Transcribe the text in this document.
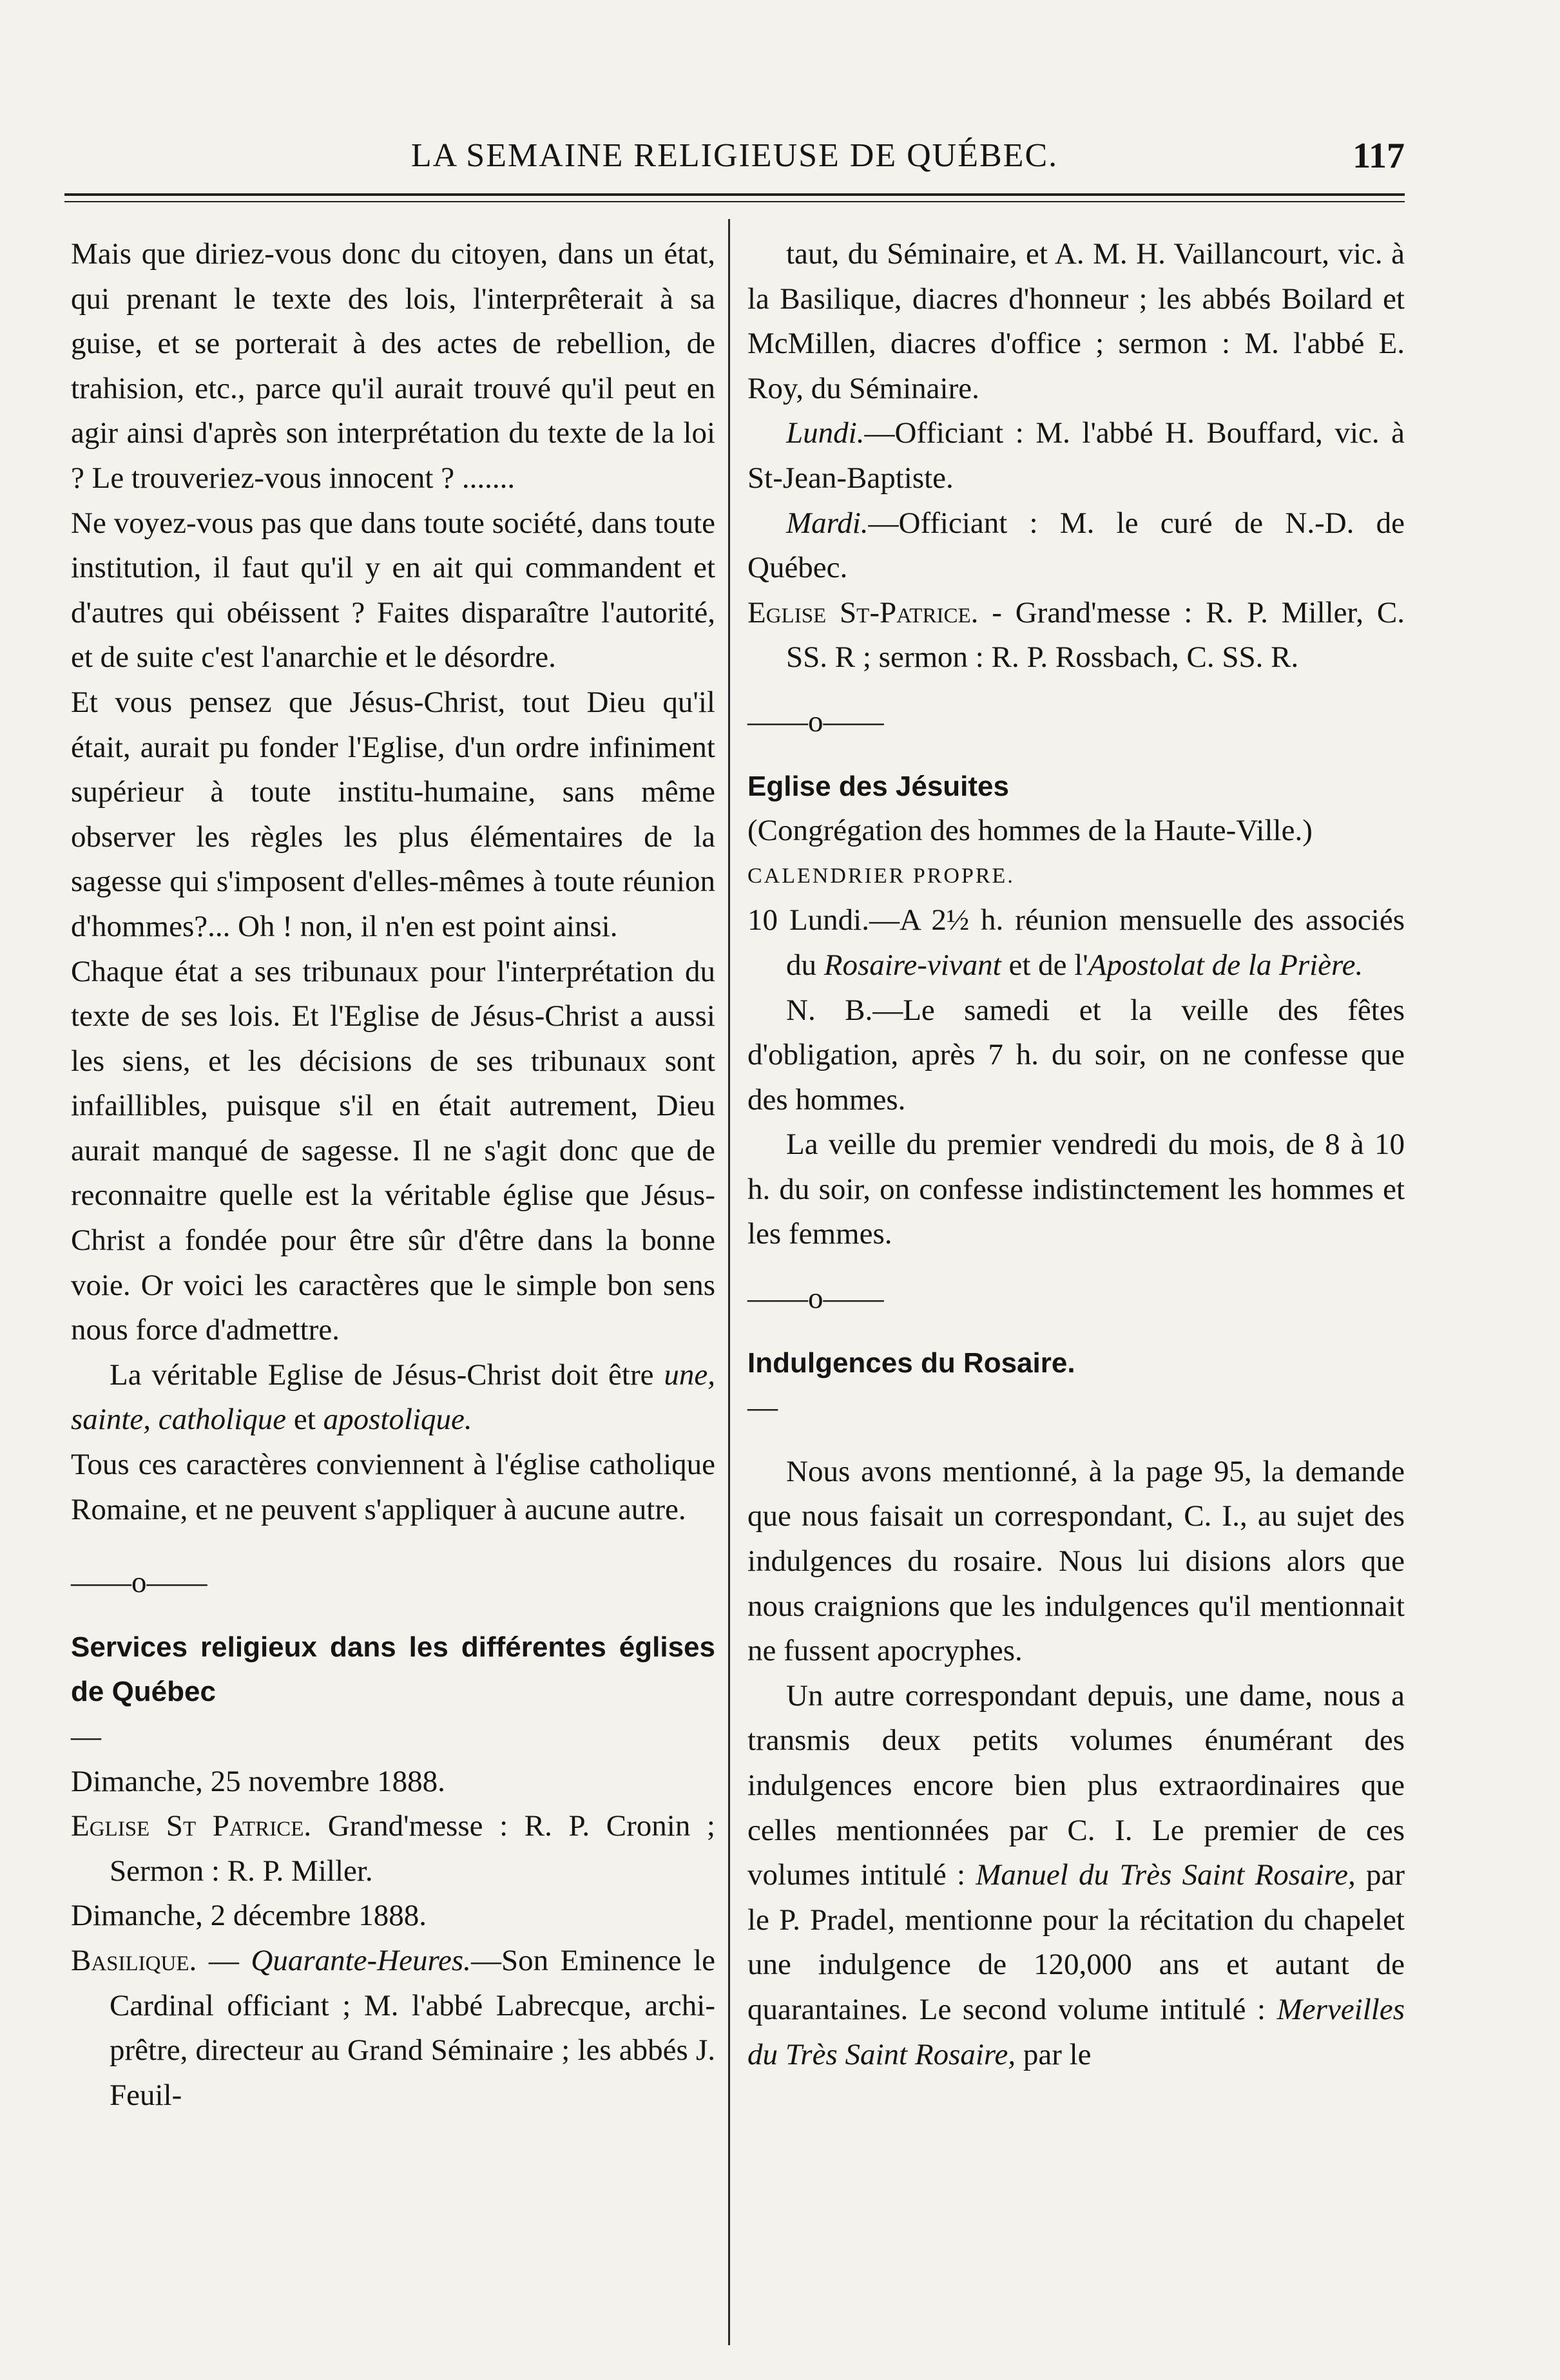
LA SEMAINE RELIGIEUSE DE QUÉBEC.	117

Mais que diriez-vous donc du citoyen, dans un état, qui prenant le texte des lois, l'interprêterait à sa guise, et se porterait à des actes de rebellion, de trahision, etc., parce qu'il aurait trouvé qu'il peut en agir ainsi d'après son interprétation du texte de la loi ? Le trouveriez-vous innocent ? .......

Ne voyez-vous pas que dans toute société, dans toute institution, il faut qu'il y en ait qui commandent et d'autres qui obéissent ? Faites disparaître l'autorité, et de suite c'est l'anarchie et le désordre.

Et vous pensez que Jésus-Christ, tout Dieu qu'il était, aurait pu fonder l'Eglise, d'un ordre infiniment supérieur à toute institu-humaine, sans même observer les règles les plus élémentaires de la sagesse qui s'imposent d'elles-mêmes à toute réunion d'hommes?... Oh ! non, il n'en est point ainsi.

Chaque état a ses tribunaux pour l'interprétation du texte de ses lois. Et l'Eglise de Jésus-Christ a aussi les siens, et les décisions de ses tribunaux sont infaillibles, puisque s'il en était autrement, Dieu aurait manqué de sagesse. Il ne s'agit donc que de reconnaitre quelle est la véritable église que Jésus-Christ a fondée pour être sûr d'être dans la bonne voie. Or voici les caractères que le simple bon sens nous force d'admettre.

La véritable Eglise de Jésus-Christ doit être une, sainte, catholique et apostolique.

Tous ces caractères conviennent à l'église catholique Romaine, et ne peuvent s'appliquer à aucune autre.

——o——

Services religieux dans les différentes églises de Québec

—

Dimanche, 25 novembre 1888.

Eglise St Patrice. Grand'messe : R. P. Cronin ; Sermon : R. P. Miller.

Dimanche, 2 décembre 1888.

Basilique. — Quarante-Heures.—Son Eminence le Cardinal officiant ; M. l'abbé Labrecque, archi-prêtre, directeur au Grand Séminaire ; les abbés J. Feuil-

taut, du Séminaire, et A. M. H. Vaillancourt, vic. à la Basilique, diacres d'honneur ; les abbés Boilard et McMillen, diacres d'office ; sermon : M. l'abbé E. Roy, du Séminaire.

Lundi.—Officiant : M. l'abbé H. Bouffard, vic. à St-Jean-Baptiste.

Mardi.—Officiant : M. le curé de N.-D. de Québec.

Eglise St-Patrice. - Grand'messe : R. P. Miller, C. SS. R ; sermon : R. P. Rossbach, C. SS. R.

——o——

Eglise des Jésuites

(Congrégation des hommes de la Haute-Ville.)

CALENDRIER PROPRE.

10 Lundi.—A 2½ h. réunion mensuelle des associés du Rosaire-vivant et de l'Apostolat de la Prière.

N. B.—Le samedi et la veille des fêtes d'obligation, après 7 h. du soir, on ne confesse que des hommes.

La veille du premier vendredi du mois, de 8 à 10 h. du soir, on confesse indistinctement les hommes et les femmes.

——o——

Indulgences du Rosaire.

—

Nous avons mentionné, à la page 95, la demande que nous faisait un correspondant, C. I., au sujet des indulgences du rosaire. Nous lui disions alors que nous craignions que les indulgences qu'il mentionnait ne fussent apocryphes.

Un autre correspondant depuis, une dame, nous a transmis deux petits volumes énumérant des indulgences encore bien plus extraordinaires que celles mentionnées par C. I. Le premier de ces volumes intitulé : Manuel du Très Saint Rosaire, par le P. Pradel, mentionne pour la récitation du chapelet une indulgence de 120,000 ans et autant de quarantaines. Le second volume intitulé : Merveilles du Très Saint Rosaire, par le
